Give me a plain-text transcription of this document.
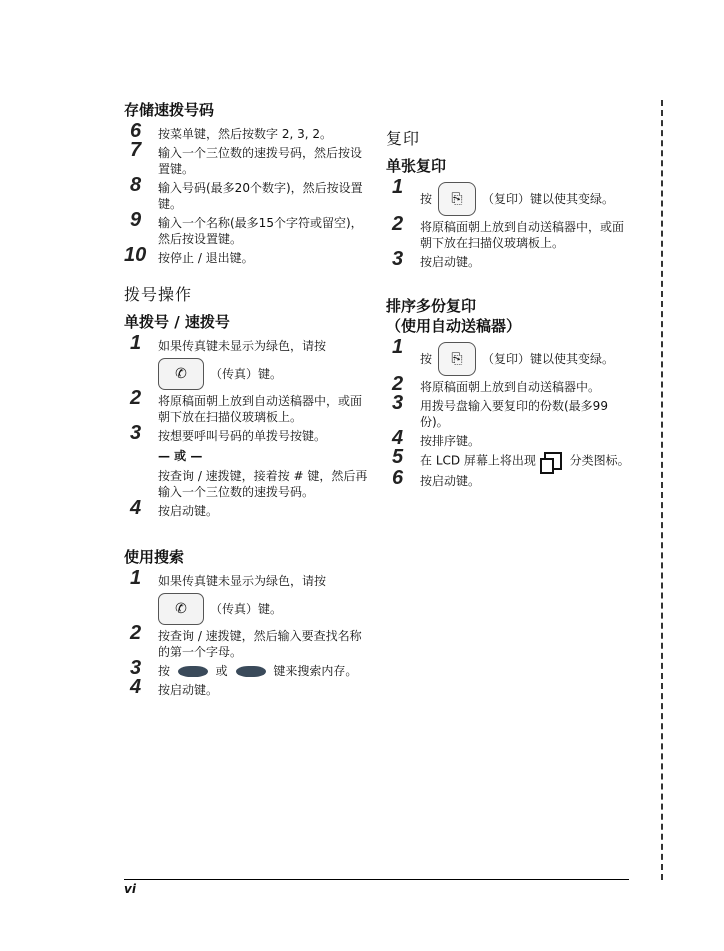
存储速拨号码
6 按菜单键，然后按数字 2, 3, 2。
7 输入一个三位数的速拨号码，然后按设置键。
8 输入号码(最多20个数字)，然后按设置键。
9 输入一个名称(最多15个字符或留空)，然后按设置键。
10 按停止 / 退出键。
拨号操作
单拨号 / 速拨号
1 如果传真键未显示为绿色，请按
✆	（传真）键。
2 将原稿面朝上放到自动送稿器中，或面朝下放在扫描仪玻璃板上。
3 按想要呼叫号码的单拨号按键。
— 或 —
按查询 / 速拨键，接着按 # 键，然后再输入一个三位数的速拨号码。
4 按启动键。
使用搜索
1 如果传真键未显示为绿色，请按
✆	（传真）键。
2 按查询 / 速拨键，然后输入要查找名称的第一个字母。
3 按	或	键来搜索内存。
4 按启动键。
复印
单张复印
1
按	⎘	（复印）键以使其变绿。
2 将原稿面朝上放到自动送稿器中，或面朝下放在扫描仪玻璃板上。
3 按启动键。
排序多份复印
（使用自动送稿器）
1
按	⎘	（复印）键以使其变绿。
2 将原稿面朝上放到自动送稿器中。
3 用拨号盘输入要复印的份数(最多99份)。
4 按排序键。
5 在 LCD 屏幕上将出现	分类图标。
6 按启动键。
vi
